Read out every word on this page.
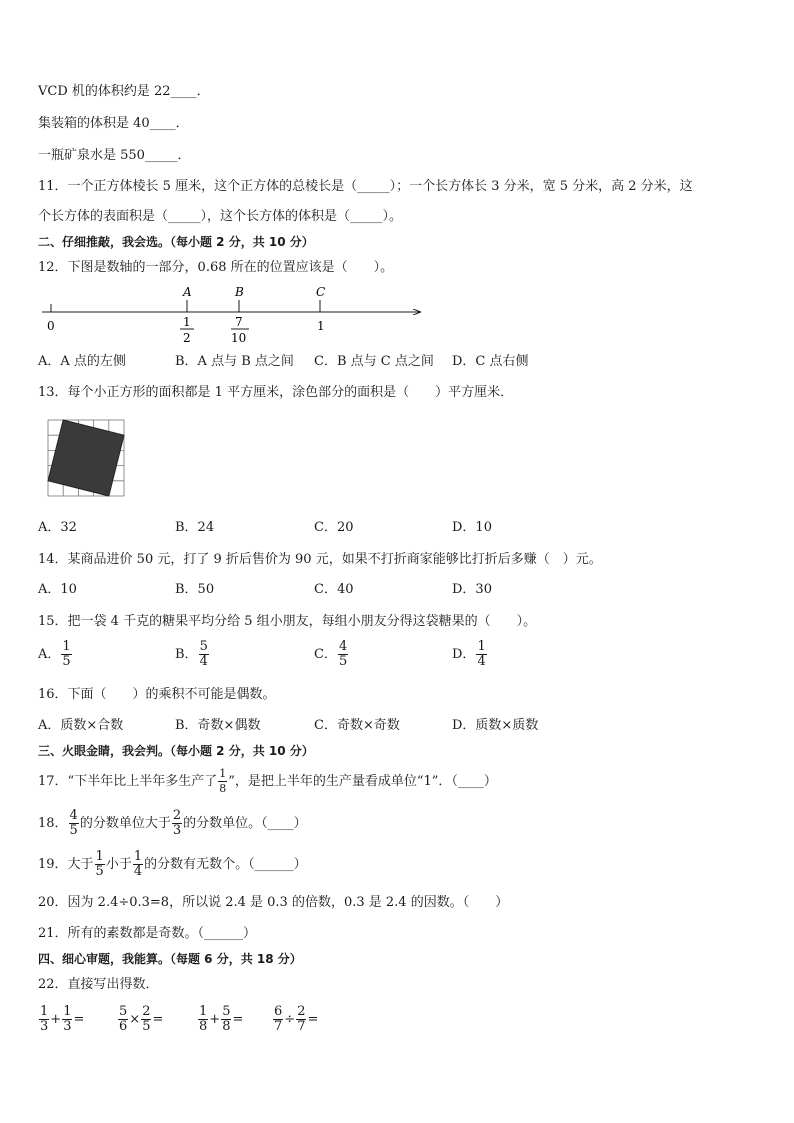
VCD 机的体积约是 22____．
集装箱的体积是 40____．
一瓶矿泉水是 550_____．
11．一个正方体棱长 5 厘米，这个正方体的总棱长是（_____）；一个长方体长 3 分米，宽 5 分米，高 2 分米，这
个长方体的表面积是（_____），这个长方体的体积是（_____）。
二、仔细推敲，我会选。（每小题 2 分，共 10 分）
12．下图是数轴的一部分，0.68 所在的位置应该是（　　）。
A	B	C
0	1
1
2
7
10
A．A 点的左侧	B．A 点与 B 点之间 C．B 点与 C 点之间 D．C 点右侧
13．每个小正方形的面积都是 1 平方厘米，涂色部分的面积是（　　）平方厘米．
A．32	B．24	C．20	D．10
14．某商品进价 50 元，打了 9 折后售价为 90 元，如果不打折商家能够比打折后多赚（　）元。
A．10	B．50	C．40	D．30
15．把一袋 4 千克的糖果平均分给 5 组小朋友，每组小朋友分得这袋糖果的（　　）。
A． $\frac{1}{5}$	B． $\frac{5}{4}$	C． $\frac{4}{5}$	D． $\frac{1}{4}$
16．下面（　　）的乘积不可能是偶数。
A．质数×合数	B．奇数×偶数	C．奇数×奇数	D．质数×质数
三、火眼金睛，我会判。（每小题 2 分，共 10 分）
17．“下半年比上半年多生产了 $\frac{1}{8}$ ”，是把上半年的生产量看成单位“1”．（____）
18． $\frac{4}{5}$ 的分数单位大于 $\frac{2}{3}$ 的分数单位。（____）
19．大于 $\frac{1}{5}$ 小于 $\frac{1}{4}$ 的分数有无数个。（______）
20．因为 2.4÷0.3=8，所以说 2.4 是 0.3 的倍数，0.3 是 2.4 的因数。（　　）
21．所有的素数都是奇数。（______）
四、细心审题，我能算。（每题 6 分，共 18 分）
22．直接写出得数．
$\frac{1}{3} + \frac{1}{3}$ =	$\frac{5}{6} \times \frac{2}{5}$ =	$\frac{1}{8} + \frac{5}{8} = \frac{6}{7} \div \frac{2}{7}$ =
